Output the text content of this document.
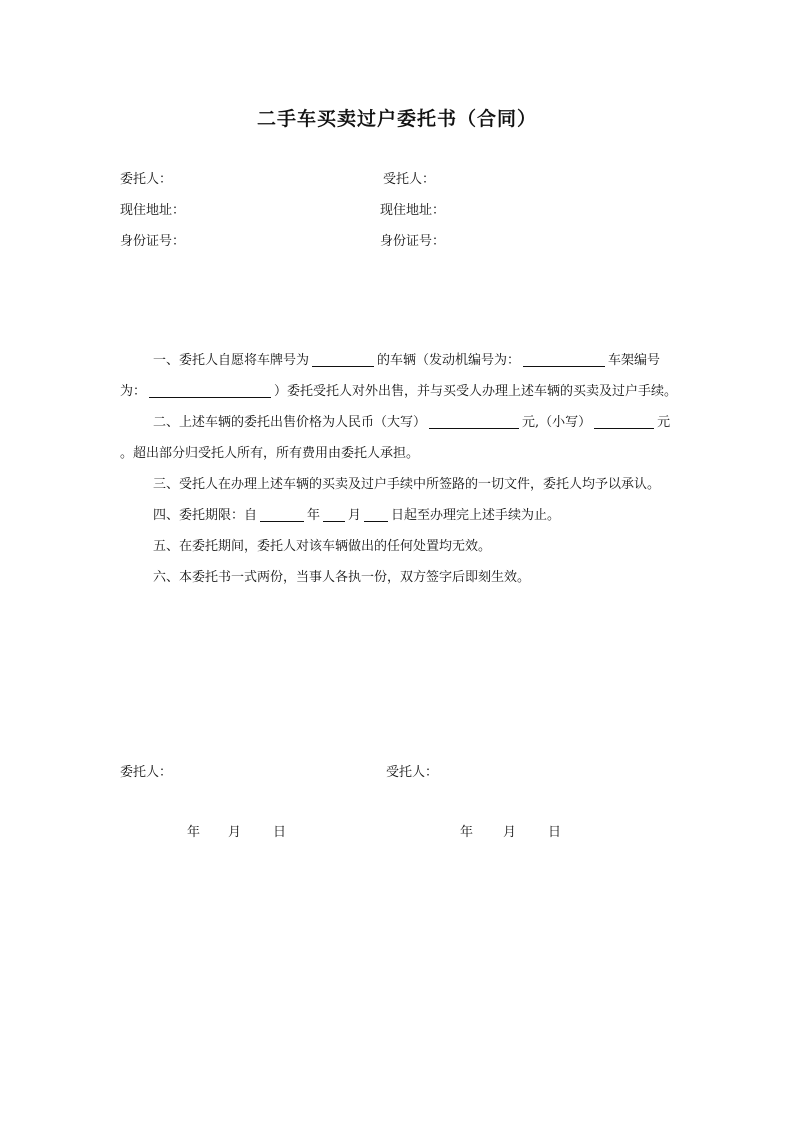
二手车买卖过户委托书（合同）
委托人：	受托人：
现住地址：	现住地址：
身份证号：	身份证号：

一、委托人自愿将车牌号为	的车辆（发动机编号为：	车架编号为：	）委托受托人对外出售，并与买受人办理上述车辆的买卖及过户手续。

二、上述车辆的委托出售价格为人民币（大写）	元,（小写）	元 。超出部分归受托人所有，所有费用由委托人承担。

三、受托人在办理上述车辆的买卖及过户手续中所签路的一切文件，委托人均予以承认。

四、委托期限：自	年 月 日起至办理完上述手续为止。

五、在委托期间，委托人对该车辆做出的任何处置均无效。

六、本委托书一式两份，当事人各执一份，双方签字后即刻生效。

委托人：	受托人：
年 月 日	年 月 日
